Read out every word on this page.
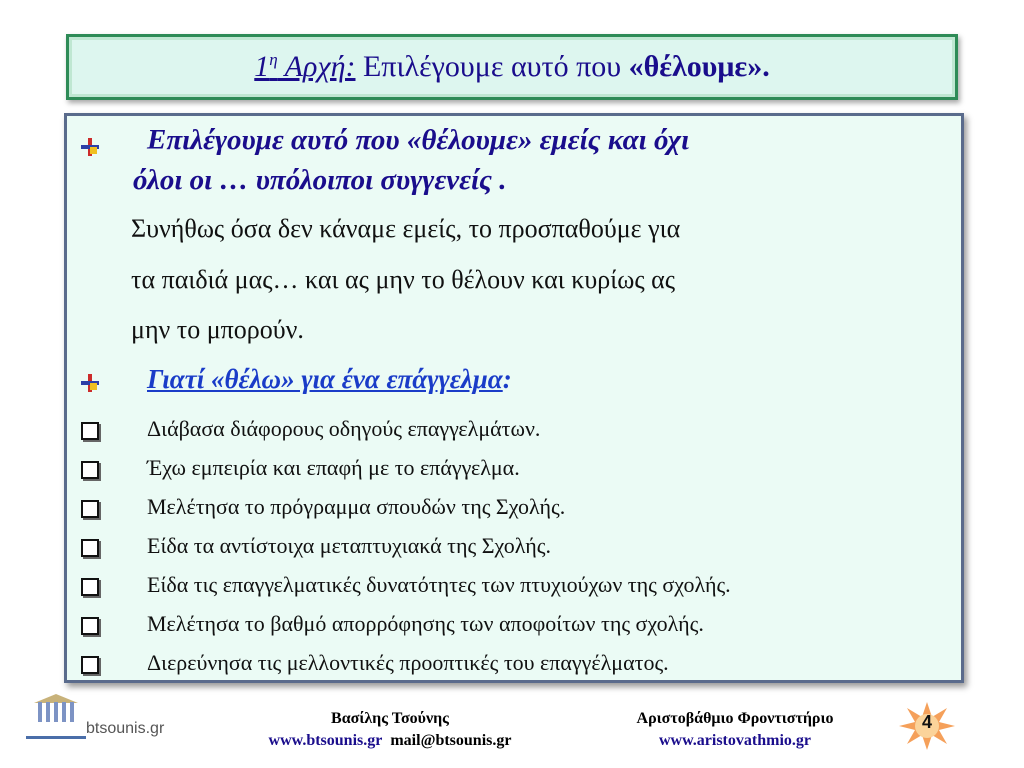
$1^\eta$ Αρχή: Επιλέγουμε αυτό που «θέλουμε».
Επιλέγουμε αυτό που «θέλουμε» εμείς και όχι
όλοι οι … υπόλοιποι συγγενείς .
Συνήθως όσα δεν κάναμε εμείς, το προσπαθούμε για
τα παιδιά μας… και ας μην το θέλουν και κυρίως ας
μην το μπορούν.
Γιατί «θέλω» για ένα επάγγελμα:
Διάβασα διάφορους οδηγούς επαγγελμάτων.
Έχω εμπειρία και επαφή με το επάγγελμα.
Μελέτησα το πρόγραμμα σπουδών της Σχολής.
Είδα τα αντίστοιχα μεταπτυχιακά της Σχολής.
Είδα τις επαγγελματικές δυνατότητες των πτυχιούχων της σχολής.
Μελέτησα το βαθμό απορρόφησης των αποφοίτων της σχολής.
Διερεύνησα τις μελλοντικές προοπτικές του επαγγέλματος.
btsounis.gr
Βασίλης Τσούνης
www.btsounis.gr mail@btsounis.gr
Αριστοβάθμιο Φροντιστήριο
www.aristovathmio.gr
4
